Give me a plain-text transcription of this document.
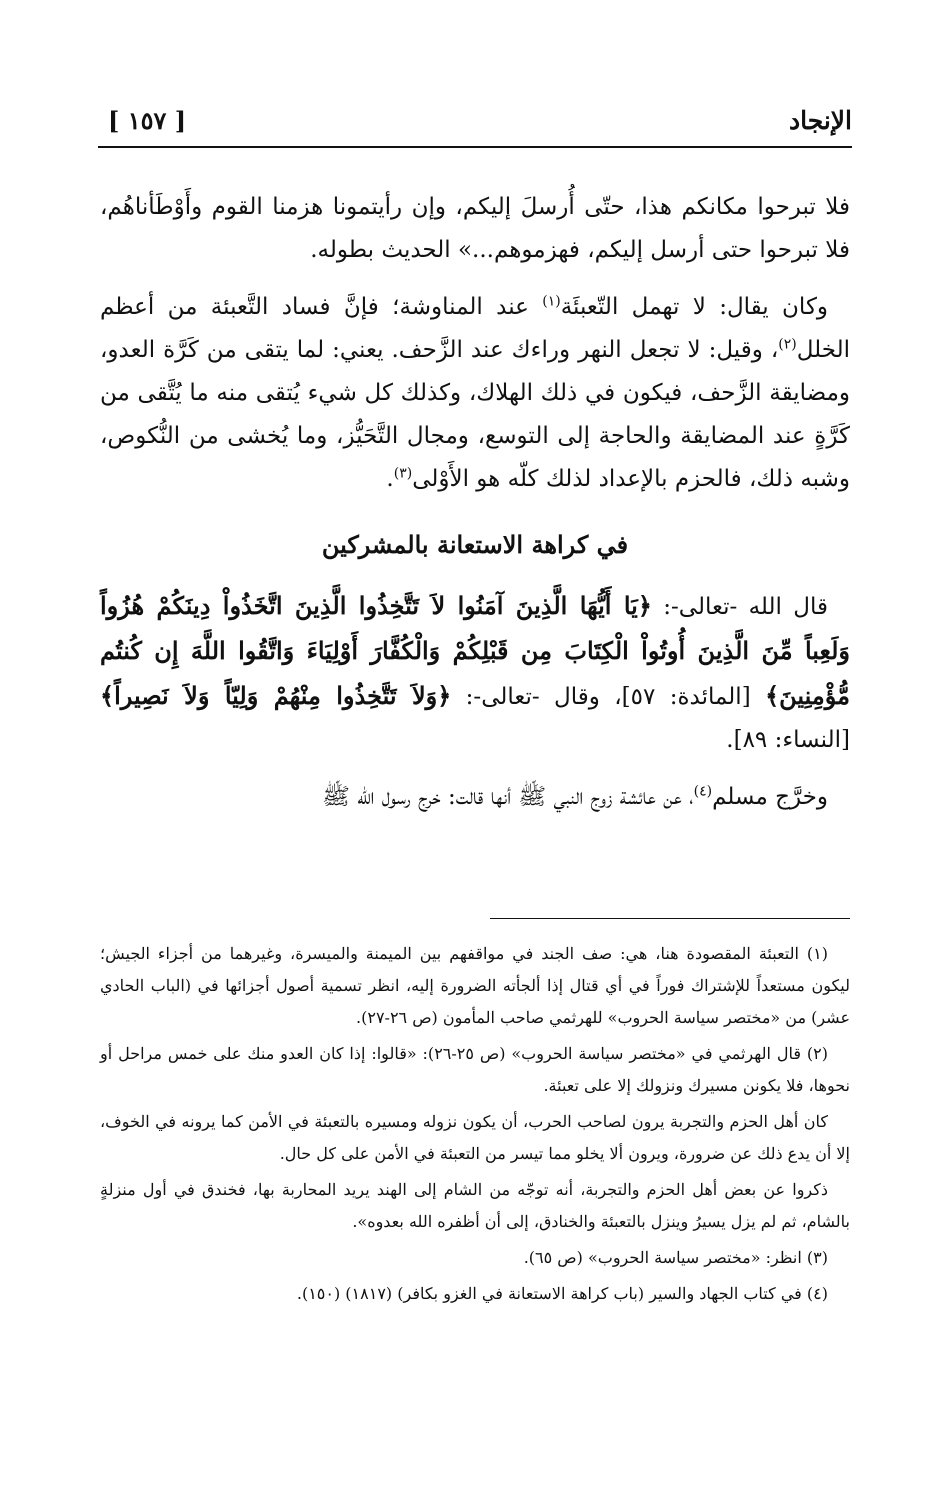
الإنجاد
[ ١٥٧ ]

فلا تبرحوا مكانكم هذا، حتّى أُرسلَ إليكم، وإن رأيتمونا هزمنا القوم وأَوْطَأناهُم، فلا تبرحوا حتى أرسل إليكم، فهزموهم...» الحديث بطوله.

وكان يقال: لا تهمل التّعبئَة$^{(١)}$ عند المناوشة؛ فإنَّ فساد التَّعبئة من أعظم الخلل$^{(٢)}$، وقيل: لا تجعل النهر وراءك عند الزَّحف. يعني: لما يتقى من كَرَّة العدو، ومضايقة الزَّحف، فيكون في ذلك الهلاك، وكذلك كل شيء يُتقى منه ما يُتَّقى من كَرَّةٍ عند المضايقة والحاجة إلى التوسع، ومجال التَّحَيُّز، وما يُخشى من النُّكوص، وشبه ذلك، فالحزم بالإعداد لذلك كلّه هو الأَوْلى$^{(٣)}$.

في كراهة الاستعانة بالمشركين

قال الله -تعالى-: ﴿يَا أَيُّهَا الَّذِينَ آمَنُوا لاَ تَتَّخِذُوا الَّذِينَ اتَّخَذُواْ دِينَكُمْ هُزُواً وَلَعِباً مِّنَ الَّذِينَ أُوتُواْ الْكِتَابَ مِن قَبْلِكُمْ وَالْكُفَّارَ أَوْلِيَاءَ وَاتَّقُوا اللَّهَ إِن كُنتُم مُّؤْمِنِينَ﴾ [المائدة: ٥٧]، وقال -تعالى-: ﴿وَلاَ تَتَّخِذُوا مِنْهُمْ وَلِيّاً وَلاَ نَصِيراً﴾ [النساء: ٨٩].

وخرَّج مسلم$^{(٤)}$، عن عائشة زوج النبي ﷺ أنها قالت: خرج رسول الله ﷺ

(١) التعبئة المقصودة هنا، هي: صف الجند في مواقفهم بين الميمنة والميسرة، وغيرهما من أجزاء الجيش؛ ليكون مستعداً للإشتراك فوراً في أي قتال إذا ألجأته الضرورة إليه، انظر تسمية أصول أجزائها في (الباب الحادي عشر) من «مختصر سياسة الحروب» للهرثمي صاحب المأمون (ص ٢٦-٢٧).

(٢) قال الهرثمي في «مختصر سياسة الحروب» (ص ٢٥-٢٦): «قالوا: إذا كان العدو منك على خمس مراحل أو نحوها، فلا يكونن مسيرك ونزولك إلا على تعبئة.

كان أهل الحزم والتجربة يرون لصاحب الحرب، أن يكون نزوله ومسيره بالتعبئة في الأمن كما يرونه في الخوف، إلا أن يدع ذلك عن ضرورة، ويرون ألا يخلو مما تيسر من التعبئة في الأمن على كل حال.

ذكروا عن بعض أهل الحزم والتجربة، أنه توجّه من الشام إلى الهند يريد المحاربة بها، فخندق في أول منزلةٍ بالشام، ثم لم يزل يسيرُ وينزل بالتعبئة والخنادق، إلى أن أظفره الله بعدوه».

(٣) انظر: «مختصر سياسة الحروب» (ص ٦٥).

(٤) في كتاب الجهاد والسير (باب كراهة الاستعانة في الغزو بكافر) (١٨١٧) (١٥٠).
